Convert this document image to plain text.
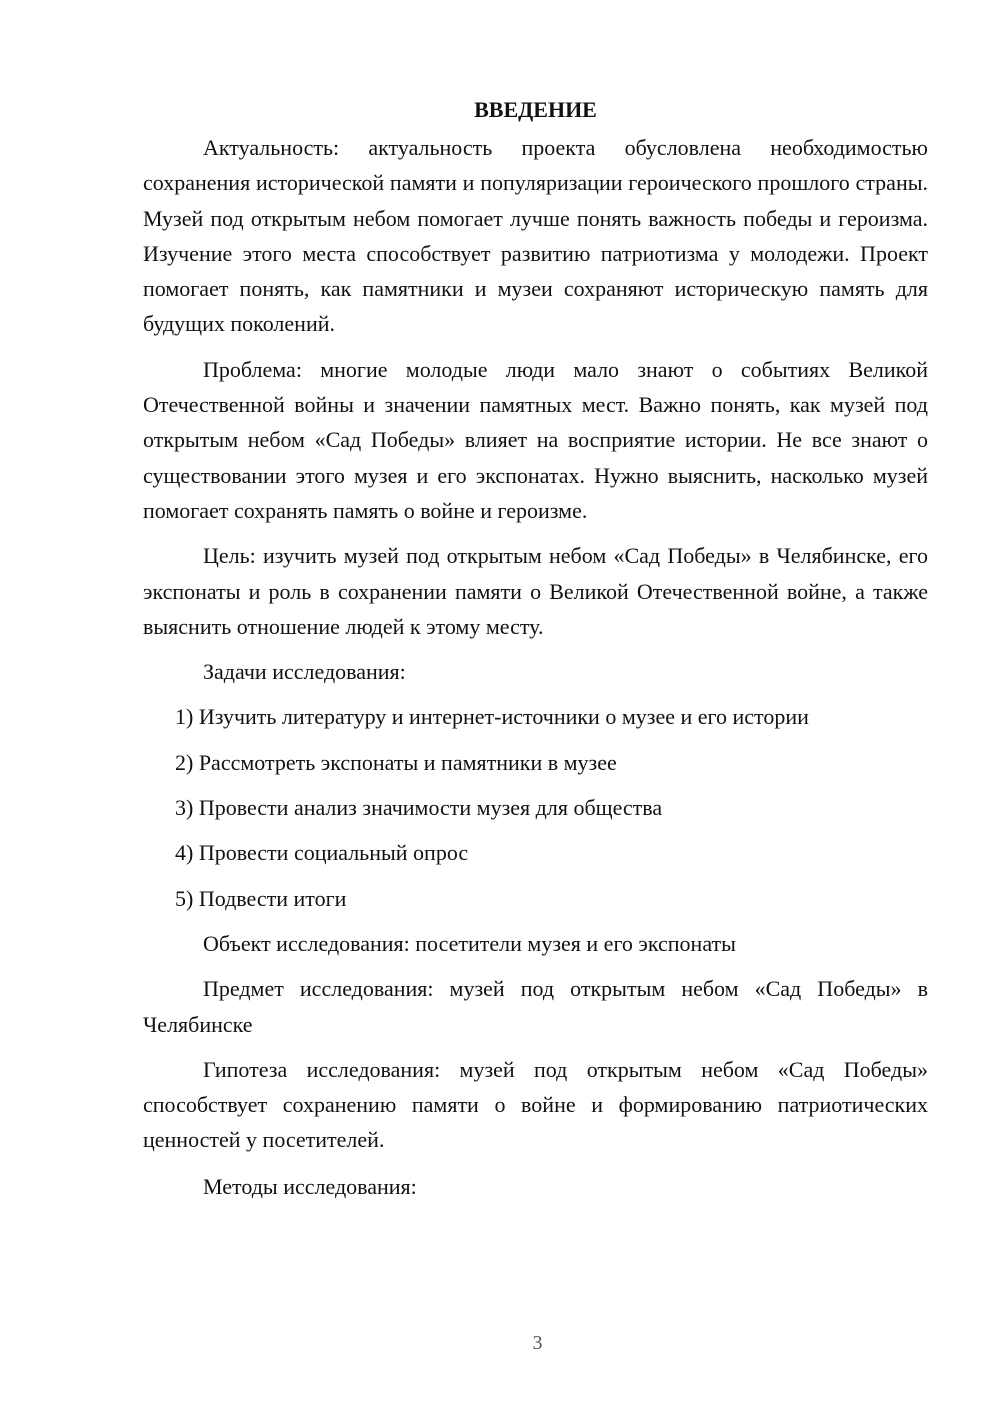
ВВЕДЕНИЕ

Актуальность: актуальность проекта обусловлена необходимостью сохранения исторической памяти и популяризации героического прошлого страны. Музей под открытым небом помогает лучше понять важность победы и героизма. Изучение этого места способствует развитию патриотизма у молодежи. Проект помогает понять, как памятники и музеи сохраняют историческую память для будущих поколений.

Проблема: многие молодые люди мало знают о событиях Великой Отечественной войны и значении памятных мест. Важно понять, как музей под открытым небом «Сад Победы» влияет на восприятие истории. Не все знают о существовании этого музея и его экспонатах. Нужно выяснить, насколько музей помогает сохранять память о войне и героизме.

Цель: изучить музей под открытым небом «Сад Победы» в Челябинске, его экспонаты и роль в сохранении памяти о Великой Отечественной войне, а также выяснить отношение людей к этому месту.

Задачи исследования:

1) Изучить литературу и интернет-источники о музее и его истории

2) Рассмотреть экспонаты и памятники в музее

3) Провести анализ значимости музея для общества

4) Провести социальный опрос

5) Подвести итоги

Объект исследования: посетители музея и его экспонаты

Предмет исследования: музей под открытым небом «Сад Победы» в Челябинске

Гипотеза исследования: музей под открытым небом «Сад Победы» способствует сохранению памяти о войне и формированию патриотических ценностей у посетителей.

Методы исследования:

3
